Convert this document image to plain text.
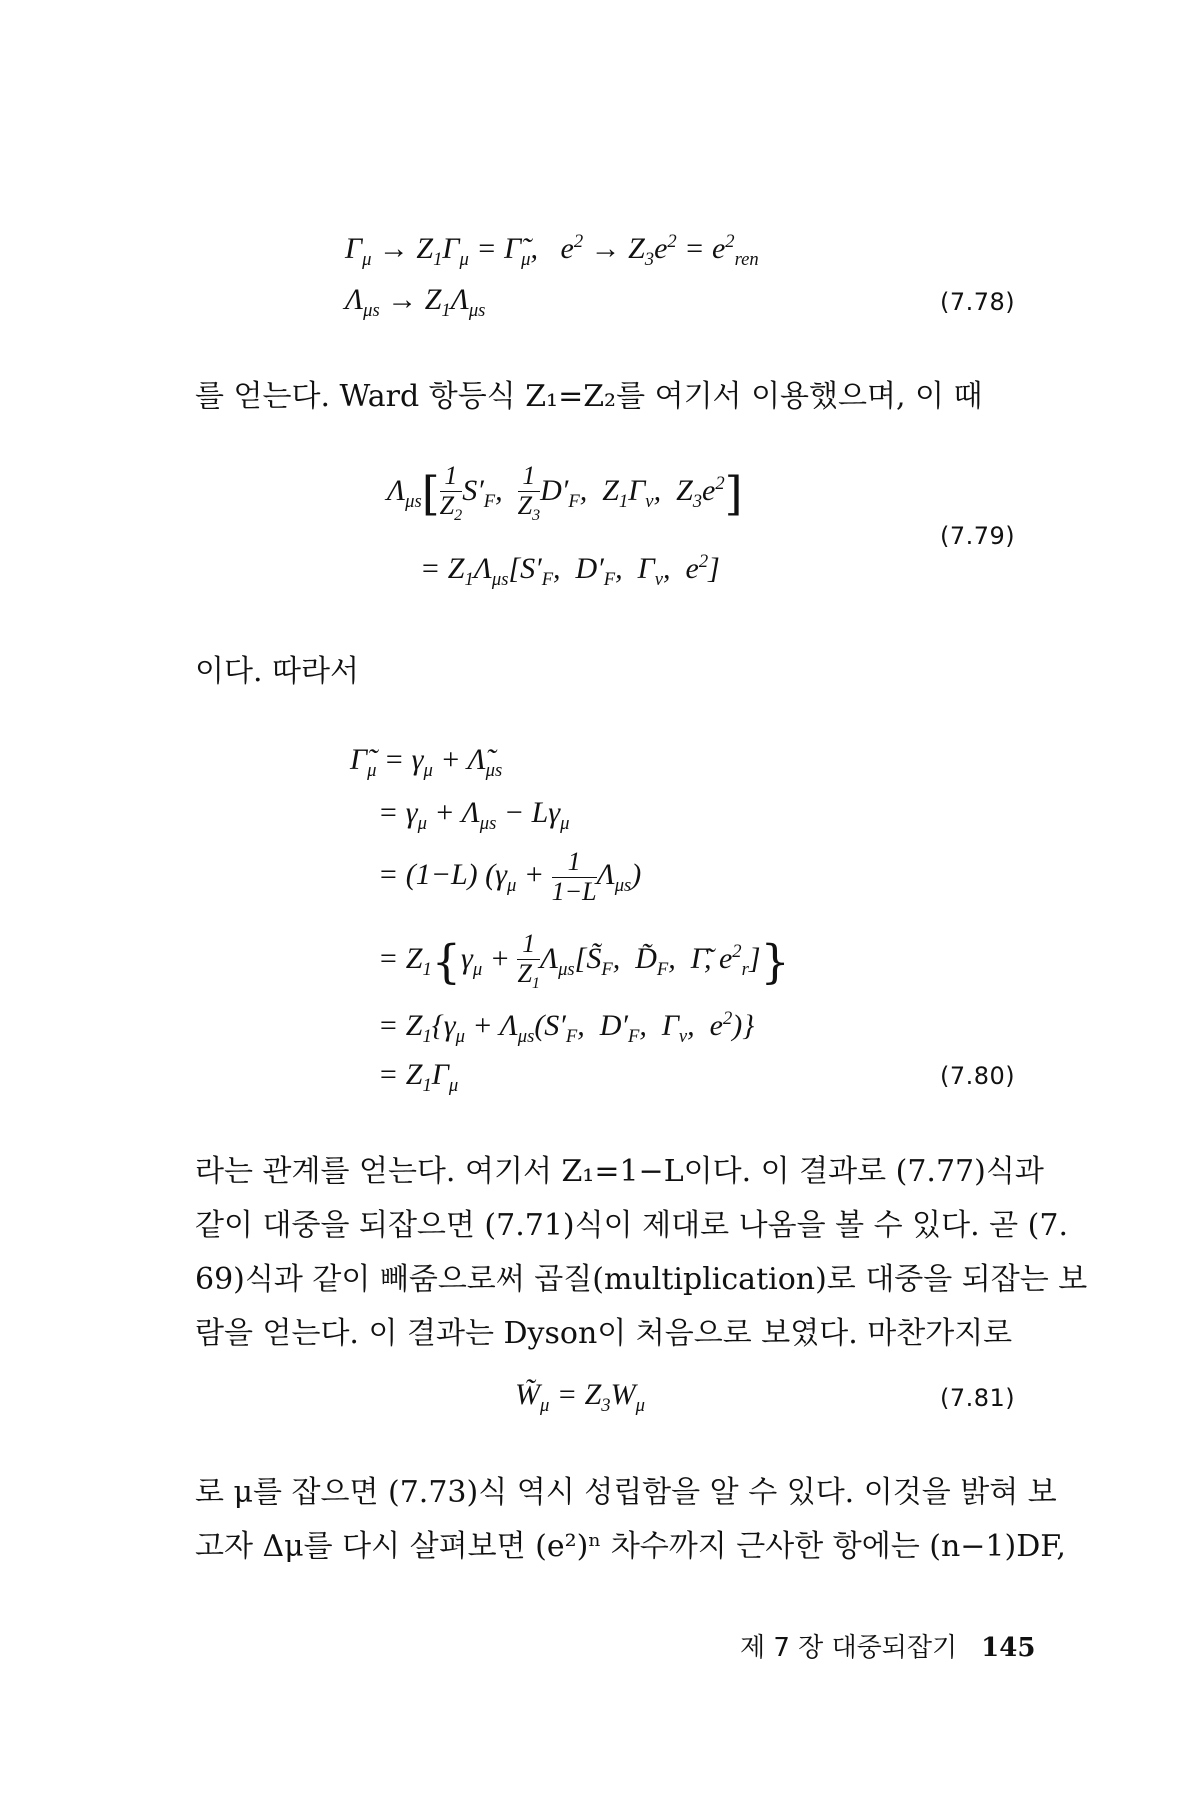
$\Gamma_\mu \to Z_1\Gamma_\mu$ = $\Gammã_\mu$,   $e^2 \to Z_3e^2 = e^2_{ren}$
$\Lambda_{\mu s} \to Z_1\Lambda_{\mu s}$	(7.78)
를 얻는다. Ward 항등식 Z₁=Z₂를 여기서 이용했으며, 이 때
$\Lambda_{\mu s}[ \frac{1}{Z_2} S'_F$, $\frac{1}{Z_3} D'_F$,  $Z_1\Gamma_\nu$,  $Z_3e^2$]
= $Z_1\Lambda_{\mu s}[S'_F$,  $D'_F$,  $\Gamma_\nu$,  $e^2$]
(7.79)
이다. 따라서
$\Gammã_\mu = \gamma_\mu$ + $\Lambdã_{\mu s}$
= $\gamma_\mu + \Lambda_{\mu s} - L\gamma_\mu$
= (1−L) $(\gamma_\mu + \frac{1}{1-L} \Lambda_{\mu s})$
= $Z_1\{\gamma_\mu + \frac{1}{Z_1}$ $\Lambda_{\mu s}[S̃_F$,  $D̃_F$,  Γ̃, $e^2_r$]}
= $Z_1\{\gamma_\mu + \Lambda_{\mu s}(S'_F$,  $D'_F$,  $\Gamma_\nu$,  $e^2$)}
= $Z_1\Gamma_\mu$	(7.80)
라는 관계를 얻는다. 여기서 Z₁=1−L이다. 이 결과로 (7.77)식과
같이 대중을 되잡으면 (7.71)식이 제대로 나옴을 볼 수 있다. 곧 (7.
69)식과 같이 빼줌으로써 곱질(multiplication)로 대중을 되잡는 보
람을 얻는다. 이 결과는 Dyson이 처음으로 보였다. 마찬가지로
$W̃_\mu = Z_3W_\mu$	(7.81)
로 μ를 잡으면 (7.73)식 역시 성립함을 알 수 있다. 이것을 밝혀 보
고자 Δμ를 다시 살펴보면 (e²)ⁿ 차수까지 근사한 항에는 (n−1)DF,
제 7 장 대중되잡기 145
